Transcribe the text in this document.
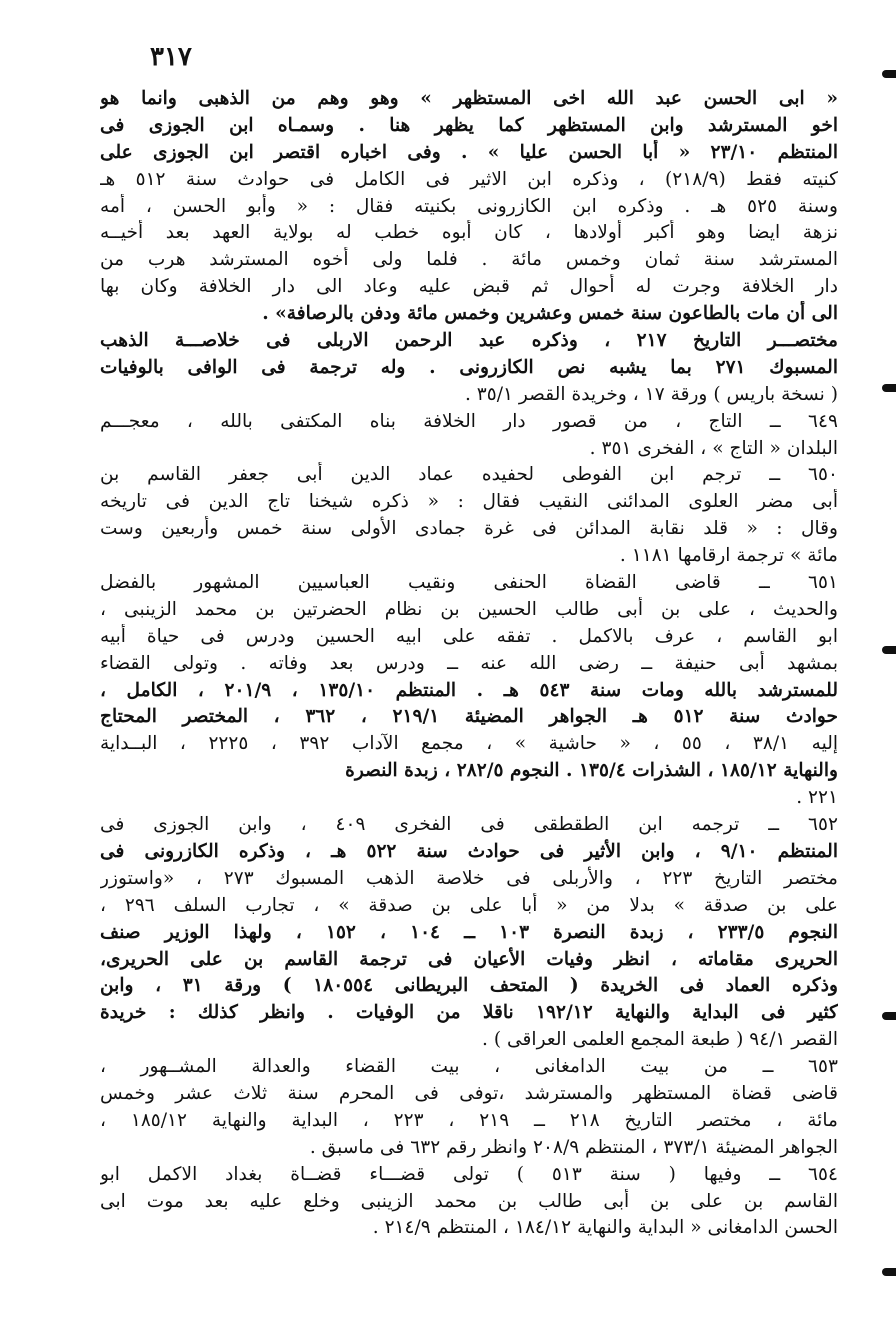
٣١٧
« ابى الحسن عبد الله اخى المستظهر » وهو وهم من الذهبى وانما هو
اخو المسترشد وابن المستظهر كما يظهر هنا . وسمـاه ابن الجوزى فى
المنتظم ٢٣/١٠ « أبا الحسن عليا » . وفى اخباره اقتصر ابن الجوزى على
كنيته فقط (٢١٨/٩) ، وذكره ابن الاثير فى الكامل فى حوادث سنة ٥١٢ هـ
وسنة ٥٢٥ هـ . وذكره ابن الكازرونى بكنيته فقال : « وأبو الحسن ، أمه
نزهة ايضا وهو أكبر أولادها ، كان أبوه خطب له بولاية العهد بعد أخيــه
المسترشد سنة ثمان وخمس مائة . فلما ولى أخوه المسترشد هرب من
دار الخلافة وجرت له أحوال ثم قبض عليه وعاد الى دار الخلافة وكان بها
الى أن مات بالطاعون سنة خمس وعشرين وخمس مائة ودفن بالرصافة» .
مختصـــر التاريخ ٢١٧ ، وذكره عبد الرحمن الاربلى فى خلاصـــة الذهب
المسبوك ٢٧١ بما يشبه نص الكازرونى . وله ترجمة فى الوافى بالوفيات
( نسخة باريس ) ورقة ١٧ ، وخريدة القصر ٣٥/١ .
٦٤٩ ــ التاج ، من قصور دار الخلافة بناه المكتفى بالله ، معجـــم
البلدان « التاج » ، الفخرى ٣٥١ .
٦٥٠ ــ ترجم ابن الفوطى لحفيده عماد الدين أبى جعفر القاسم بن
أبى مضر العلوى المدائنى النقيب فقال : « ذكره شيخنا تاج الدين فى تاريخه
وقال : « قلد نقابة المدائن فى غرة جمادى الأولى سنة خمس وأربعين وست
مائة » ترجمة ارقامها ١١٨١ .
٦٥١ ــ قاضى القضاة الحنفى ونقيب العباسيين المشهور بالفضل
والحديث ، على بن أبى طالب الحسين بن نظام الحضرتين بن محمد الزينبى ،
ابو القاسم ، عرف بالاكمل . تفقه على ابيه الحسين ودرس فى حياة أبيه
بمشهد أبى حنيفة ــ رضى الله عنه ــ ودرس بعد وفاته . وتولى القضاء
للمسترشد بالله ومات سنة ٥٤٣ هـ . المنتظم ١٣٥/١٠ ، ٢٠١/٩ ، الكامل ،
حوادث سنة ٥١٢ هـ الجواهر المضيئة ٢١٩/١ ، ٣٦٢ ، المختصر المحتاج
إليه ٣٨/١ ، ٥٥ ، « حاشية » ، مجمع الآداب ٣٩٢ ، ٢٢٢٥ ، البــداية
والنهاية ١٨٥/١٢ ، الشذرات ١٣٥/٤ . النجوم ٢٨٢/٥ ، زبدة النصرة
٢٢١ .
٦٥٢ ــ ترجمه ابن الطقطقى فى الفخرى ٤٠٩ ، وابن الجوزى فى
المنتظم ٩/١٠ ، وابن الأثير فى حوادث سنة ٥٢٢ هـ ، وذكره الكازرونى فى
مختصر التاريخ ٢٢٣ ، والأربلى فى خلاصة الذهب المسبوك ٢٧٣ ، «واستوزر
على بن صدقة » بدلا من « أبا على بن صدقة » ، تجارب السلف ٢٩٦ ،
النجوم ٢٣٣/٥ ، زبدة النصرة ١٠٣ ــ ١٠٤ ، ١٥٢ ، ولهذا الوزير صنف
الحريرى مقاماته ، انظر وفيات الأعيان فى ترجمة القاسم بن على الحريرى،
وذكره العماد فى الخريدة ( المتحف البريطانى ١٨٠٥٥٤ ) ورقة ٣١ ، وابن
كثير فى البداية والنهاية ١٩٢/١٢ ناقلا من الوفيات . وانظر كذلك : خريدة
القصر ٩٤/١ ( طبعة المجمع العلمى العراقى ) .
٦٥٣ ــ من بيت الدامغانى ، بيت القضاء والعدالة المشــهور ،
قاضى قضاة المستظهر والمسترشد ،توفى فى المحرم سنة ثلاث عشر وخمس
مائة ، مختصر التاريخ ٢١٨ ــ ٢١٩ ، ٢٢٣ ، البداية والنهاية ١٨٥/١٢ ،
الجواهر المضيئة ٣٧٣/١ ، المنتظم ٢٠٨/٩ وانظر رقم ٦٣٢ فى ماسبق .
٦٥٤ ــ وفيها ( سنة ٥١٣ ) تولى قضـــاء قضــاة بغداد الاكمل ابو
القاسم بن على بن أبى طالب بن محمد الزينبى وخلع عليه بعد موت ابى
الحسن الدامغانى « البداية والنهاية ١٨٤/١٢ ، المنتظم ٢١٤/٩ .
